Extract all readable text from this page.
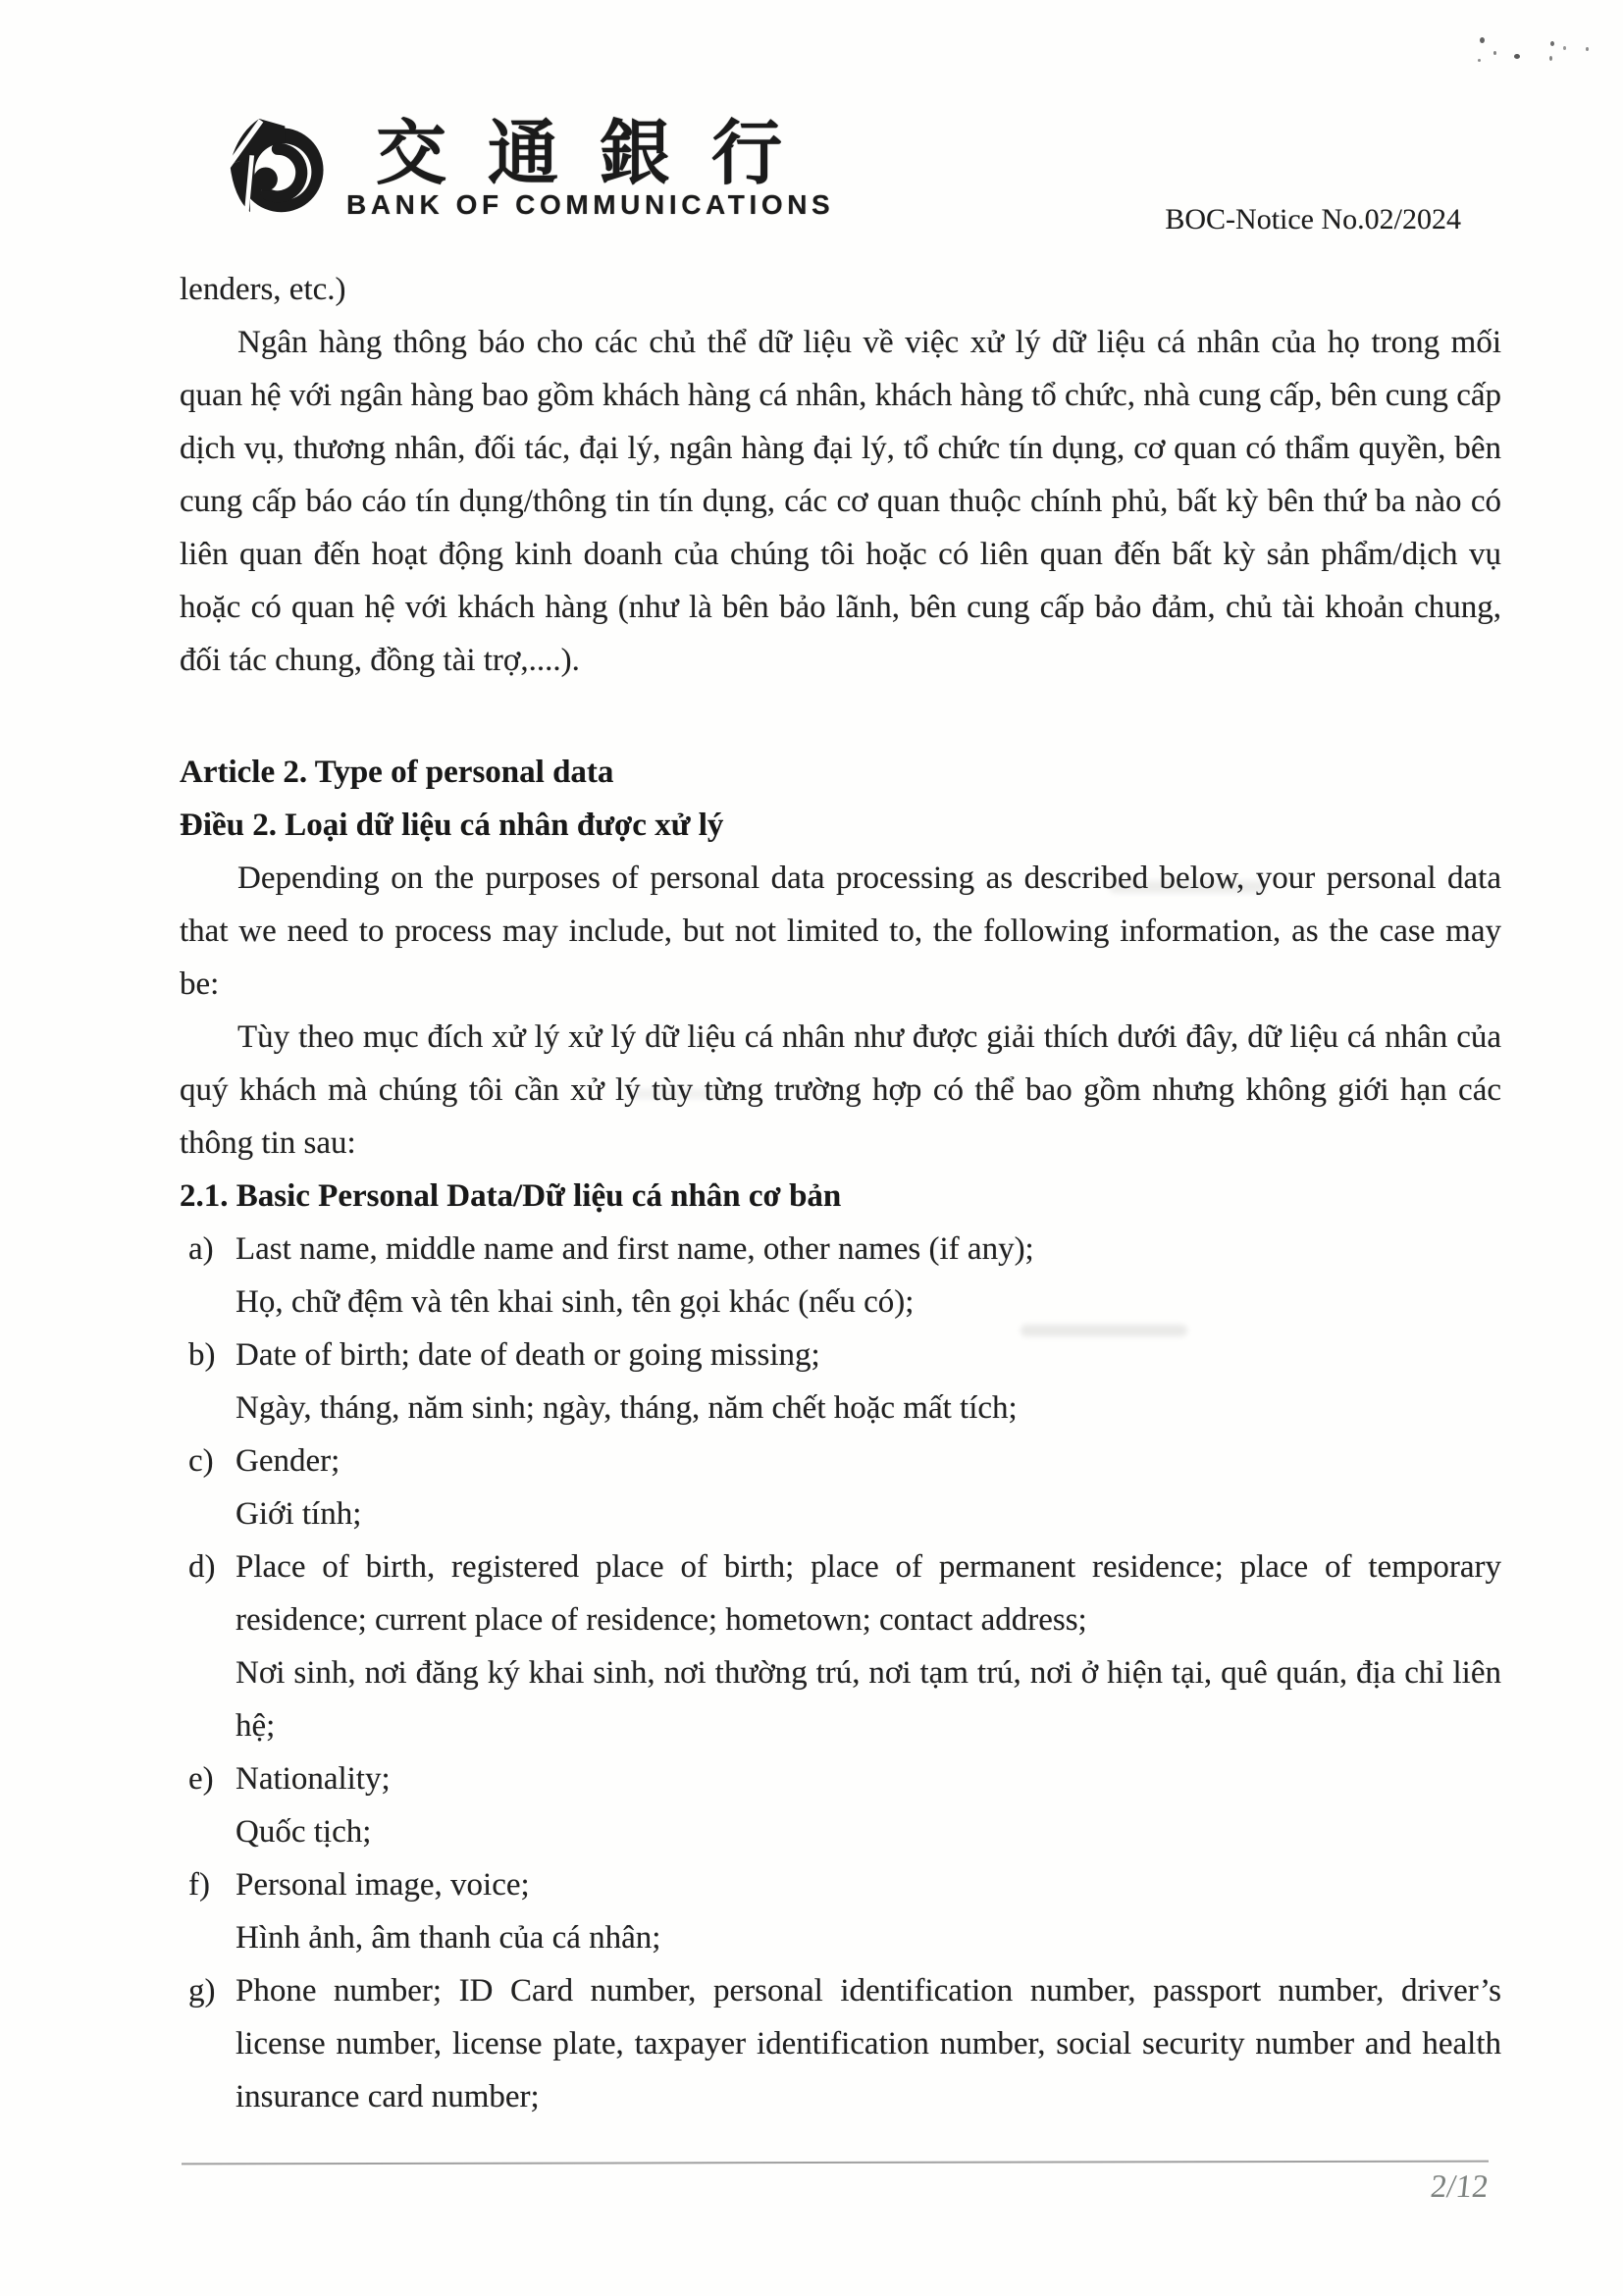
交通銀行
BANK OF COMMUNICATIONS	BOC-Notice No.02/2024

lenders, etc.)

Ngân hàng thông báo cho các chủ thể dữ liệu về việc xử lý dữ liệu cá nhân của họ trong mối quan hệ với ngân hàng bao gồm khách hàng cá nhân, khách hàng tổ chức, nhà cung cấp, bên cung cấp dịch vụ, thương nhân, đối tác, đại lý, ngân hàng đại lý, tổ chức tín dụng, cơ quan có thẩm quyền, bên cung cấp báo cáo tín dụng/thông tin tín dụng, các cơ quan thuộc chính phủ, bất kỳ bên thứ ba nào có liên quan đến hoạt động kinh doanh của chúng tôi hoặc có liên quan đến bất kỳ sản phẩm/dịch vụ hoặc có quan hệ với khách hàng (như là bên bảo lãnh, bên cung cấp bảo đảm, chủ tài khoản chung, đối tác chung, đồng tài trợ,....).

Article 2. Type of personal data
Điều 2. Loại dữ liệu cá nhân được xử lý

Depending on the purposes of personal data processing as described below, your personal data that we need to process may include, but not limited to, the following information, as the case may be:

Tùy theo mục đích xử lý xử lý dữ liệu cá nhân như được giải thích dưới đây, dữ liệu cá nhân của quý khách mà chúng tôi cần xử lý tùy từng trường hợp có thể bao gồm nhưng không giới hạn các thông tin sau:

2.1. Basic Personal Data/Dữ liệu cá nhân cơ bản
a) Last name, middle name and first name, other names (if any);

Họ, chữ đệm và tên khai sinh, tên gọi khác (nếu có);

b) Date of birth; date of death or going missing;

Ngày, tháng, năm sinh; ngày, tháng, năm chết hoặc mất tích;

c) Gender;

Giới tính;

d) Place of birth, registered place of birth; place of permanent residence; place of temporary residence; current place of residence; hometown; contact address;

Nơi sinh, nơi đăng ký khai sinh, nơi thường trú, nơi tạm trú, nơi ở hiện tại, quê quán, địa chỉ liên hệ;

e) Nationality;

Quốc tịch;

f) Personal image, voice;

Hình ảnh, âm thanh của cá nhân;

g) Phone number; ID Card number, personal identification number, passport number, driver’s license number, license plate, taxpayer identification number, social security number and health insurance card number;

2/12
